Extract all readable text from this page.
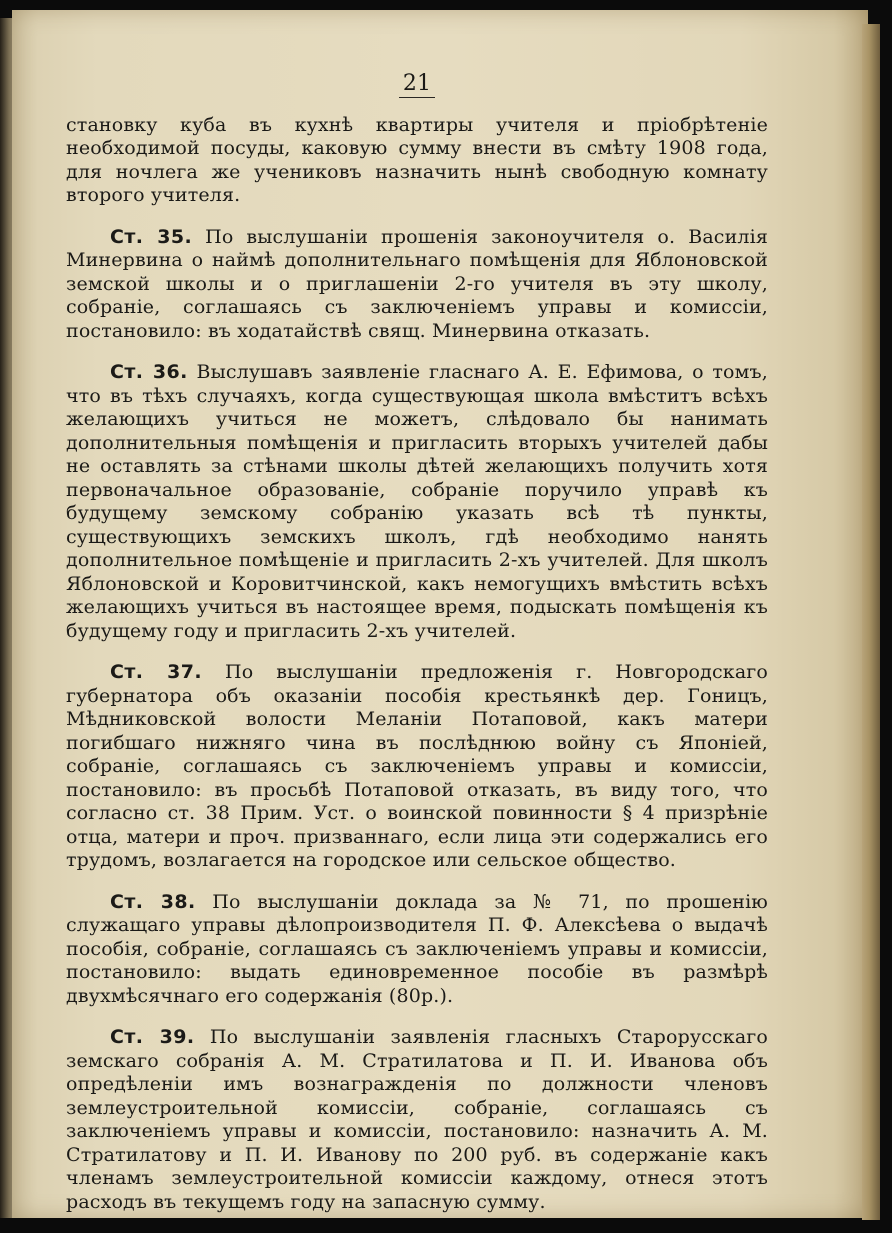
21

становку куба въ кухнѣ квартиры учителя и пріобрѣтеніе необходимой посуды, каковую сумму внести въ смѣту 1908 года, для ночлега же учениковъ назначить нынѣ свободную комнату второго учителя.

Ст. 35. По выслушаніи прошенія законоучителя о. Василія Минервина о наймѣ дополнительнаго помѣщенія для Яблоновской земской школы и о приглашеніи 2-го учителя въ эту школу, собраніе, соглашаясь съ заключеніемъ управы и комиссіи, постановило: въ ходатайствѣ свящ. Минервина отказать.

Ст. 36. Выслушавъ заявленіе гласнаго А. Е. Ефимова, о томъ, что въ тѣхъ случаяхъ, когда существующая школа вмѣститъ всѣхъ желающихъ учиться не можетъ, слѣдовало бы нанимать дополнительныя помѣщенія и пригласить вторыхъ учителей дабы не оставлять за стѣнами школы дѣтей желающихъ получить хотя первоначальное образованіе, собраніе поручило управѣ къ будущему земскому собранію указать всѣ тѣ пункты, существующихъ земскихъ школъ, гдѣ необходимо нанять дополнительное помѣщеніе и пригласить 2-хъ учителей. Для школъ Яблоновской и Коровитчинской, какъ немогущихъ вмѣстить всѣхъ желающихъ учиться въ настоящее время, подыскать помѣщенія къ будущему году и пригласить 2-хъ учителей.

Ст. 37. По выслушаніи предложенія г. Новгородскаго губернатора объ оказаніи пособія крестьянкѣ дер. Гоницъ, Мѣдниковской волости Меланіи Потаповой, какъ матери погибшаго нижняго чина въ послѣднюю войну съ Японіей, собраніе, соглашаясь съ заключеніемъ управы и комиссіи, постановило: въ просьбѣ Потаповой отказать, въ виду того, что согласно ст. 38 Прим. Уст. о воинской повинности § 4 призрѣніе отца, матери и проч. призваннаго, если лица эти содержались его трудомъ, возлагается на городское или сельское общество.

Ст. 38. По выслушаніи доклада за № 71, по прошенію служащаго управы дѣлопроизводителя П. Ф. Алексѣева о выдачѣ пособія, собраніе, соглашаясь съ заключеніемъ управы и комиссіи, постановило: выдать единовременное пособіе въ размѣрѣ двухмѣсячнаго его содержанія (80р.).

Ст. 39. По выслушаніи заявленія гласныхъ Старорусскаго земскаго собранія А. М. Стратилатова и П. И. Иванова объ опредѣленіи имъ вознагражденія по должности членовъ землеустроительной комиссіи, собраніе, соглашаясь съ заключеніемъ управы и комиссіи, постановило: назначить А. М. Стратилатову и П. И. Иванову по 200 руб. въ содержаніе какъ членамъ землеустроительной комиссіи каждому, отнеся этотъ расходъ въ текущемъ году на запасную сумму.
